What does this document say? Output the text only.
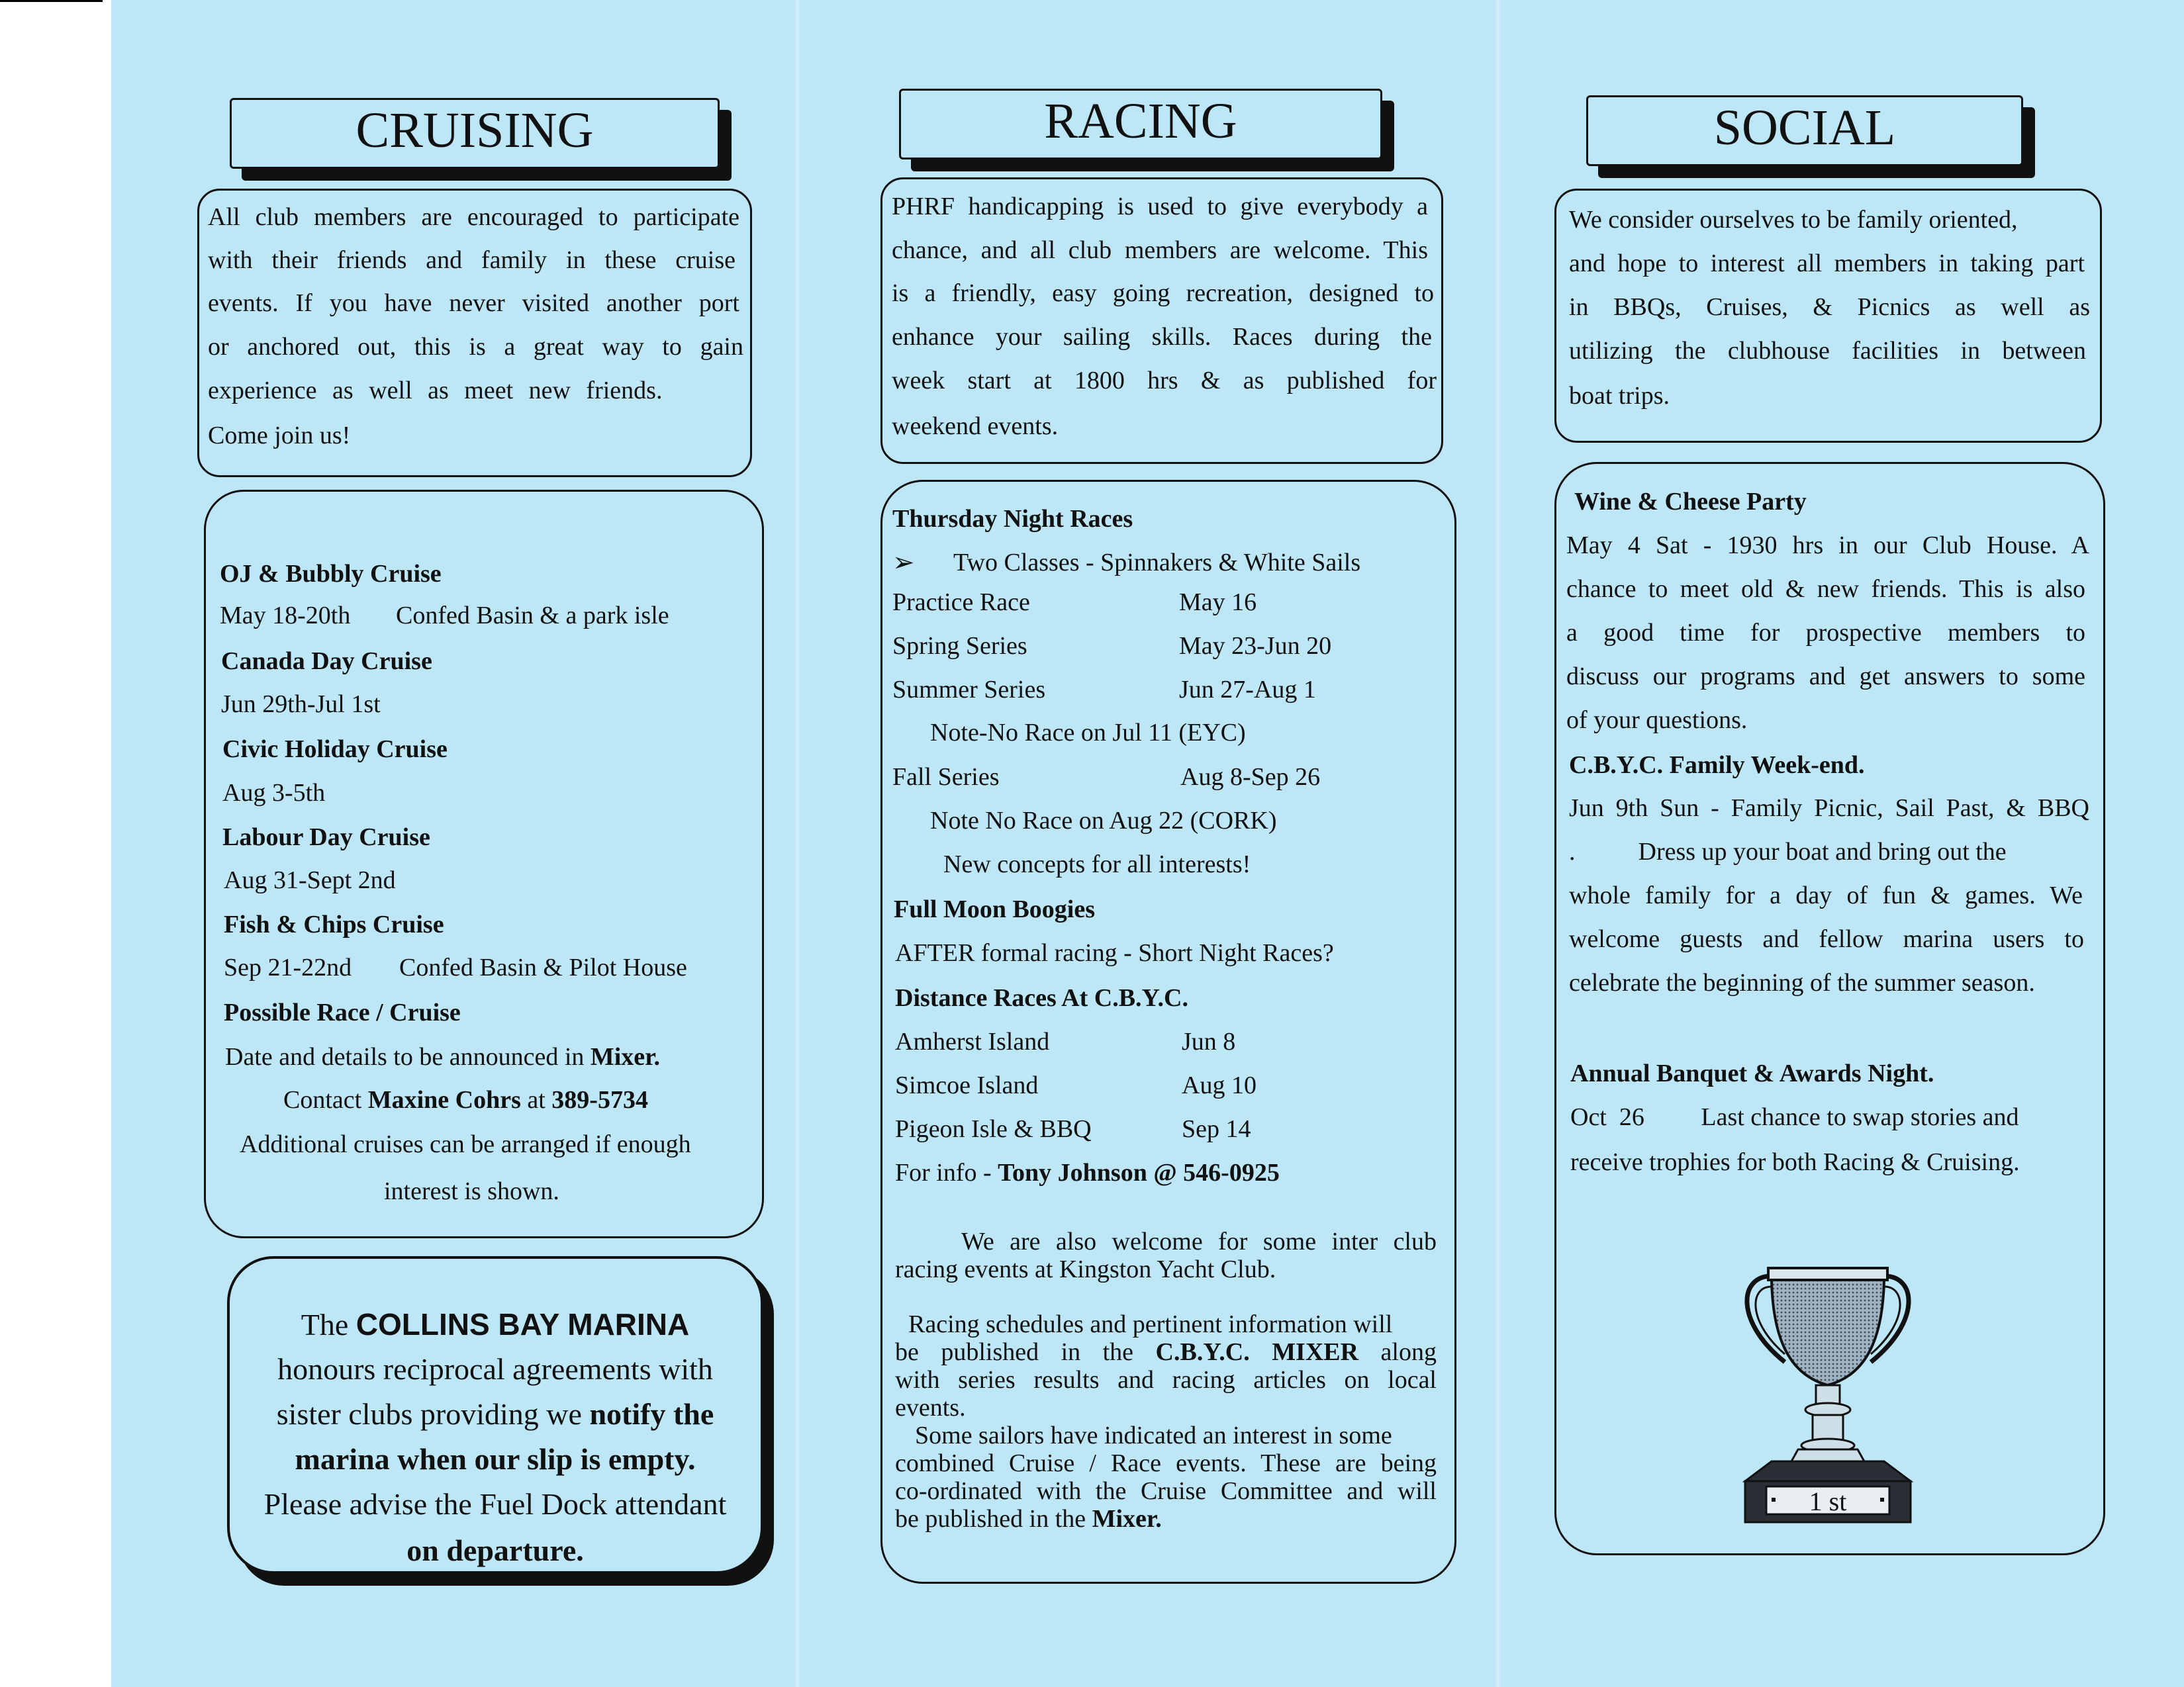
CRUISING
All club members are encouraged to participate
with their friends and family in these cruise
events. If you have never visited another port
or anchored out, this is a great way to gain
experience as well as meet new friends.
Come join us!
OJ & Bubbly Cruise
May 18-20th Confed Basin & a park isle
Canada Day Cruise
Jun 29th-Jul 1st
Civic Holiday Cruise
Aug 3-5th
Labour Day Cruise
Aug 31-Sept 2nd
Fish & Chips Cruise
Sep 21-22nd Confed Basin & Pilot House
Possible Race / Cruise
Date and details to be announced in Mixer.
Contact Maxine Cohrs at 389-5734
Additional cruises can be arranged if enough
interest is shown.
The COLLINS BAY MARINA
honours reciprocal agreements with
sister clubs providing we notify the
marina when our slip is empty.
Please advise the Fuel Dock attendant
on departure.
RACING
PHRF handicapping is used to give everybody a
chance, and all club members are welcome. This
is a friendly, easy going recreation, designed to
enhance your sailing skills. Races during the
week start at 1800 hrs & as published for
weekend events.
Thursday Night Races
➢ Two Classes - Spinnakers & White Sails
Practice Race	May 16
Spring Series	May 23-Jun 20
Summer Series	Jun 27-Aug 1
Note-No Race on Jul 11 (EYC)
Fall Series	Aug 8-Sep 26
Note No Race on Aug 22 (CORK)
New concepts for all interests!
Full Moon Boogies
AFTER formal racing - Short Night Races?
Distance Races At C.B.Y.C.
Amherst Island	Jun 8
Simcoe Island	Aug 10
Pigeon Isle & BBQ	Sep 14
For info - Tony Johnson @ 546-0925
We are also welcome for some inter club
racing events at Kingston Yacht Club.
Racing schedules and pertinent information will
be published in the C.B.Y.C. MIXER along
with series results and racing articles on local
events.
Some sailors have indicated an interest in some
combined Cruise / Race events. These are being
co-ordinated with the Cruise Committee and will
be published in the Mixer.
SOCIAL
We consider ourselves to be family oriented,
and hope to interest all members in taking part
in BBQs, Cruises, & Picnics as well as
utilizing the clubhouse facilities in between
boat trips.
Wine & Cheese Party
May 4 Sat - 1930 hrs in our Club House. A
chance to meet old & new friends. This is also
a good time for prospective members to
discuss our programs and get answers to some
of your questions.
C.B.Y.C. Family Week-end.
Jun 9th Sun - Family Picnic, Sail Past, & BBQ
.          Dress up your boat and bring out the
whole family for a day of fun & games. We
welcome guests and fellow marina users to
celebrate the beginning of the summer season.
Annual Banquet & Awards Night.
Oct  26         Last chance to swap stories and
receive trophies for both Racing & Cruising.
1 st
